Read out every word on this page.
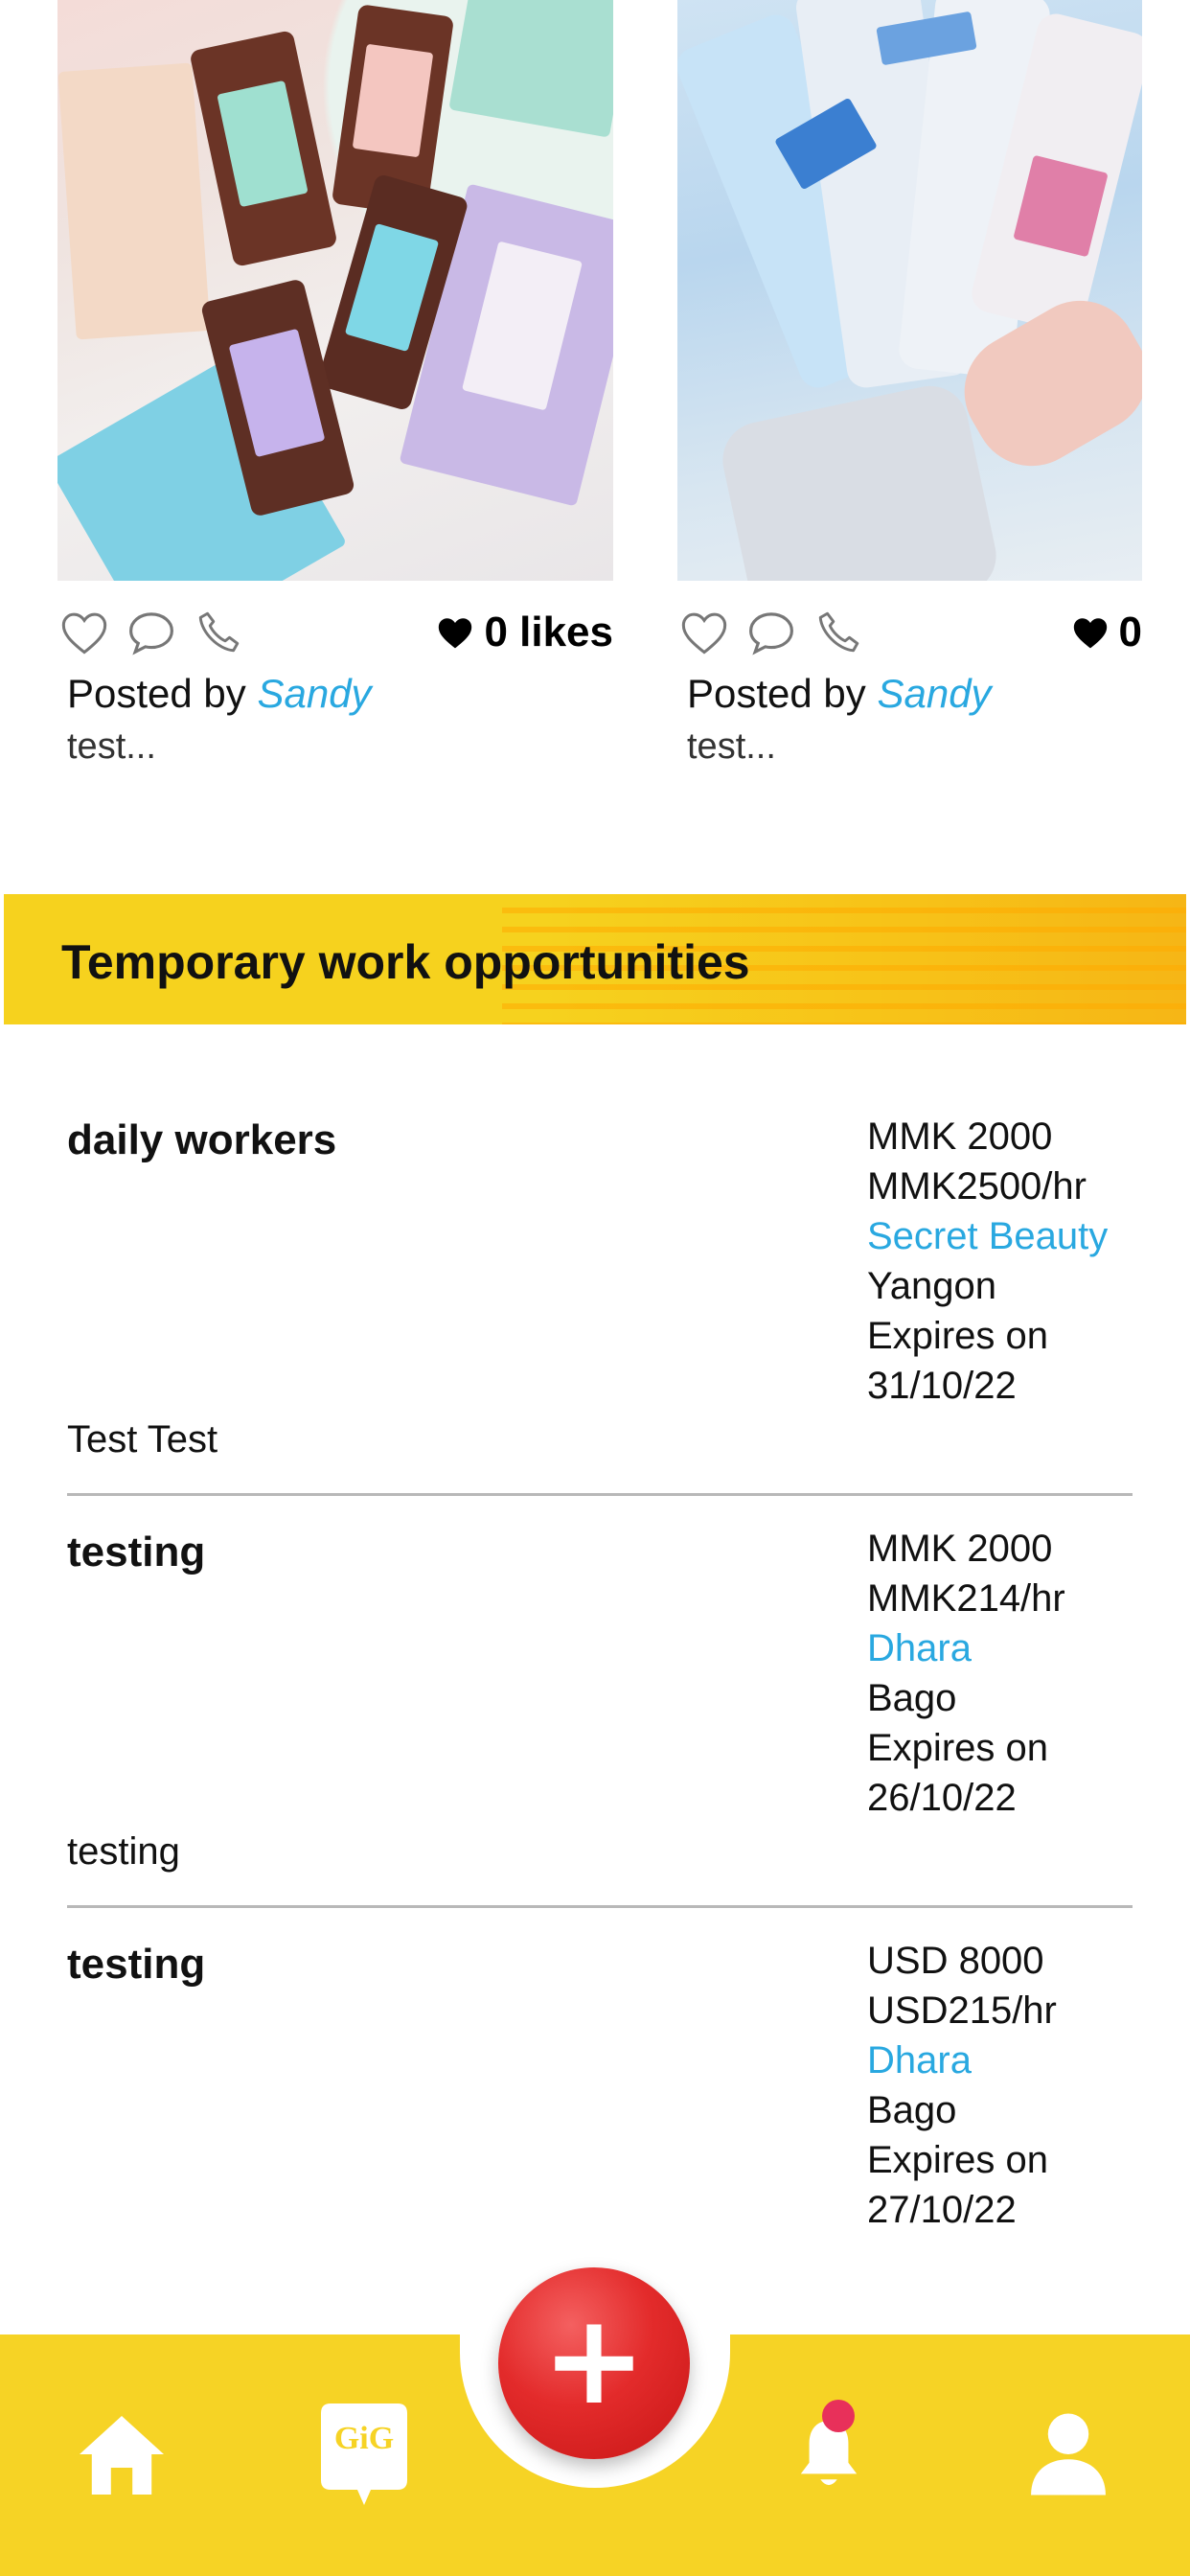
0 likes
Posted by Sandy
test...
0
Posted by Sandy
test...
Temporary work opportunities
daily workers	MMK 2000
MMK2500/hr
Secret Beauty
Yangon
Expires on
31/10/22
Test Test
testing	MMK 2000
MMK214/hr
Dhara
Bago
Expires on
26/10/22
testing
testing	USD 8000
USD215/hr
Dhara
Bago
Expires on
27/10/22
GiG
+
